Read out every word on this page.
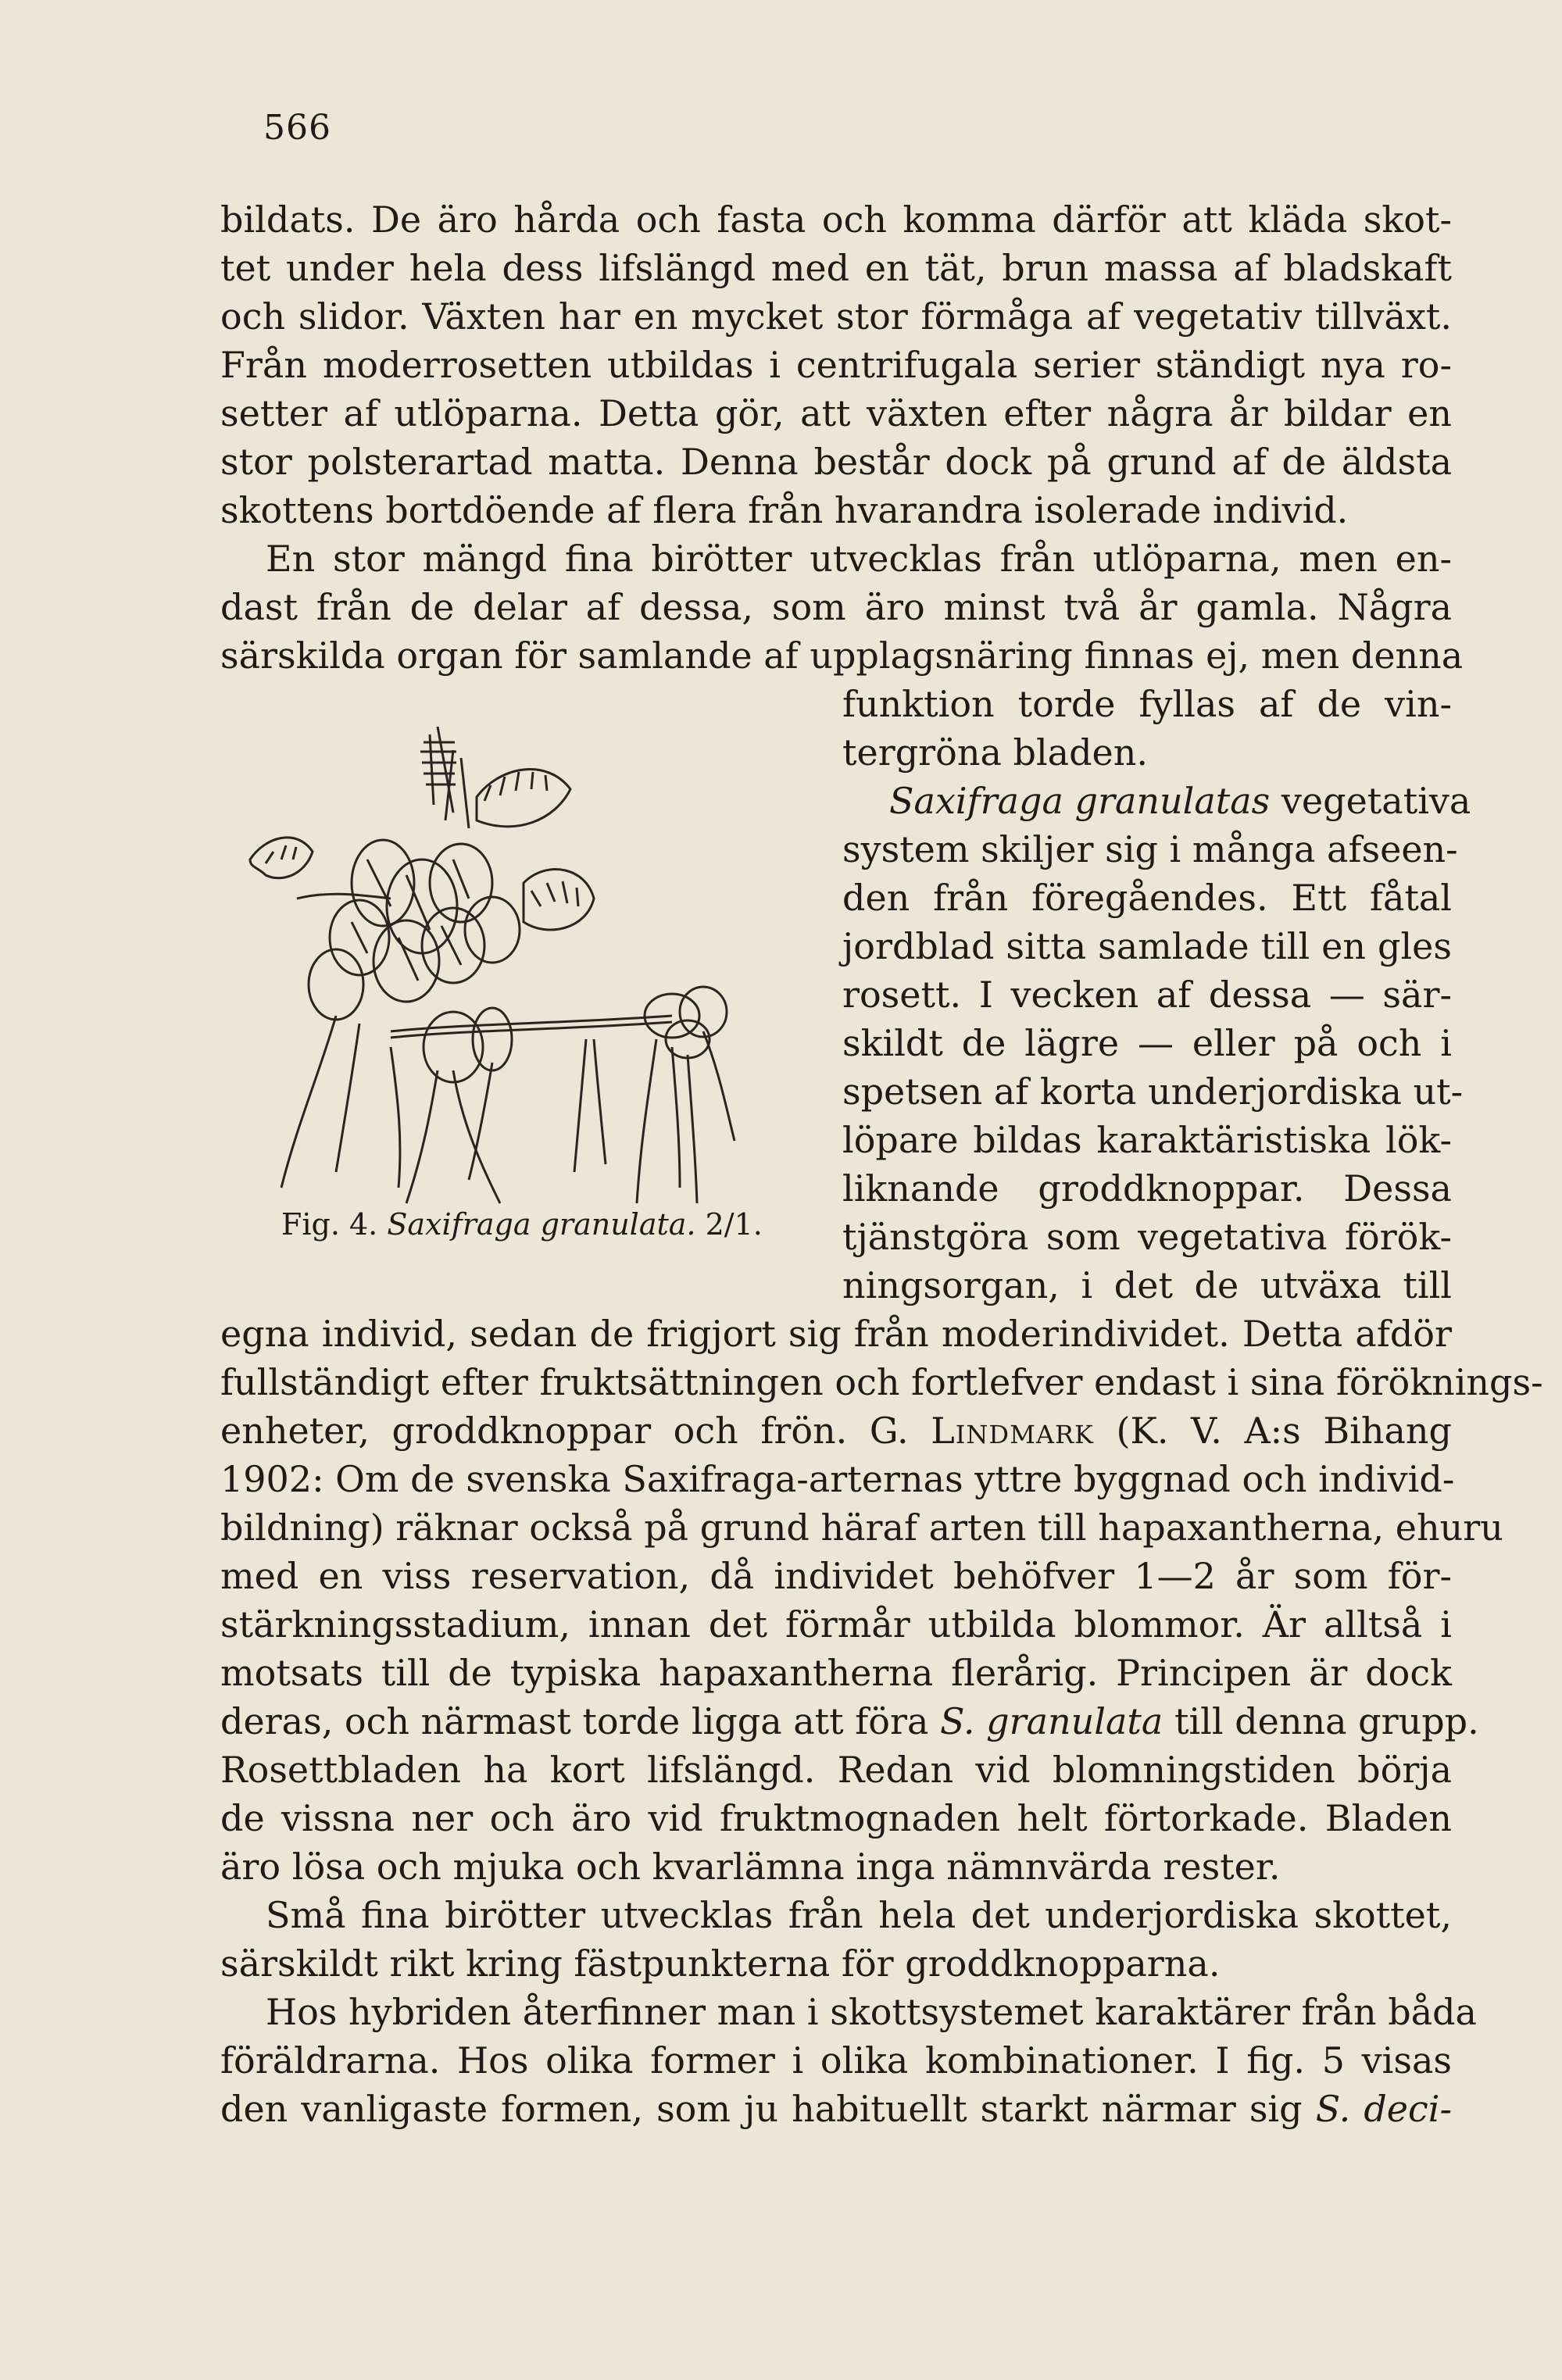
566
bildats. De äro hårda och fasta och komma därför att kläda skot-
tet under hela dess lifslängd med en tät, brun massa af bladskaft
och slidor. Växten har en mycket stor förmåga af vegetativ tillväxt.
Från moderrosetten utbildas i centrifugala serier ständigt nya ro-
setter af utlöparna. Detta gör, att växten efter några år bildar en
stor polsterartad matta. Denna består dock på grund af de äldsta
skottens bortdöende af flera från hvarandra isolerade individ.
En stor mängd fina birötter utvecklas från utlöparna, men en-
dast från de delar af dessa, som äro minst två år gamla. Några
särskilda organ för samlande af upplagsnäring finnas ej, men denna
funktion torde fyllas af de vin-
tergröna bladen.
Saxifraga granulatas vegetativa
system skiljer sig i många afseen-
den från föregåendes. Ett fåtal
jordblad sitta samlade till en gles
rosett. I vecken af dessa — sär-
skildt de lägre — eller på och i
spetsen af korta underjordiska ut-
löpare bildas karaktäristiska lök-
liknande groddknoppar. Dessa
tjänstgöra som vegetativa förök-
ningsorgan, i det de utväxa till
egna individ, sedan de frigjort sig från moderindividet. Detta afdör
fullständigt efter fruktsättningen och fortlefver endast i sina föröknings-
enheter, groddknoppar och frön. G. Lindmark (K. V. A:s Bihang
1902: Om de svenska Saxifraga-arternas yttre byggnad och individ-
bildning) räknar också på grund häraf arten till hapaxantherna, ehuru
med en viss reservation, då individet behöfver 1—2 år som för-
stärkningsstadium, innan det förmår utbilda blommor. Är alltså i
motsats till de typiska hapaxantherna flerårig. Principen är dock
deras, och närmast torde ligga att föra S. granulata till denna grupp.
Rosettbladen ha kort lifslängd. Redan vid blomningstiden börja
de vissna ner och äro vid fruktmognaden helt förtorkade. Bladen
äro lösa och mjuka och kvarlämna inga nämnvärda rester.
Små fina birötter utvecklas från hela det underjordiska skottet,
särskildt rikt kring fästpunkterna för groddknopparna.
Hos hybriden återfinner man i skottsystemet karaktärer från båda
föräldrarna. Hos olika former i olika kombinationer. I fig. 5 visas
den vanligaste formen, som ju habituellt starkt närmar sig S. deci-
Fig. 4. Saxifraga granulata. 2/1.
